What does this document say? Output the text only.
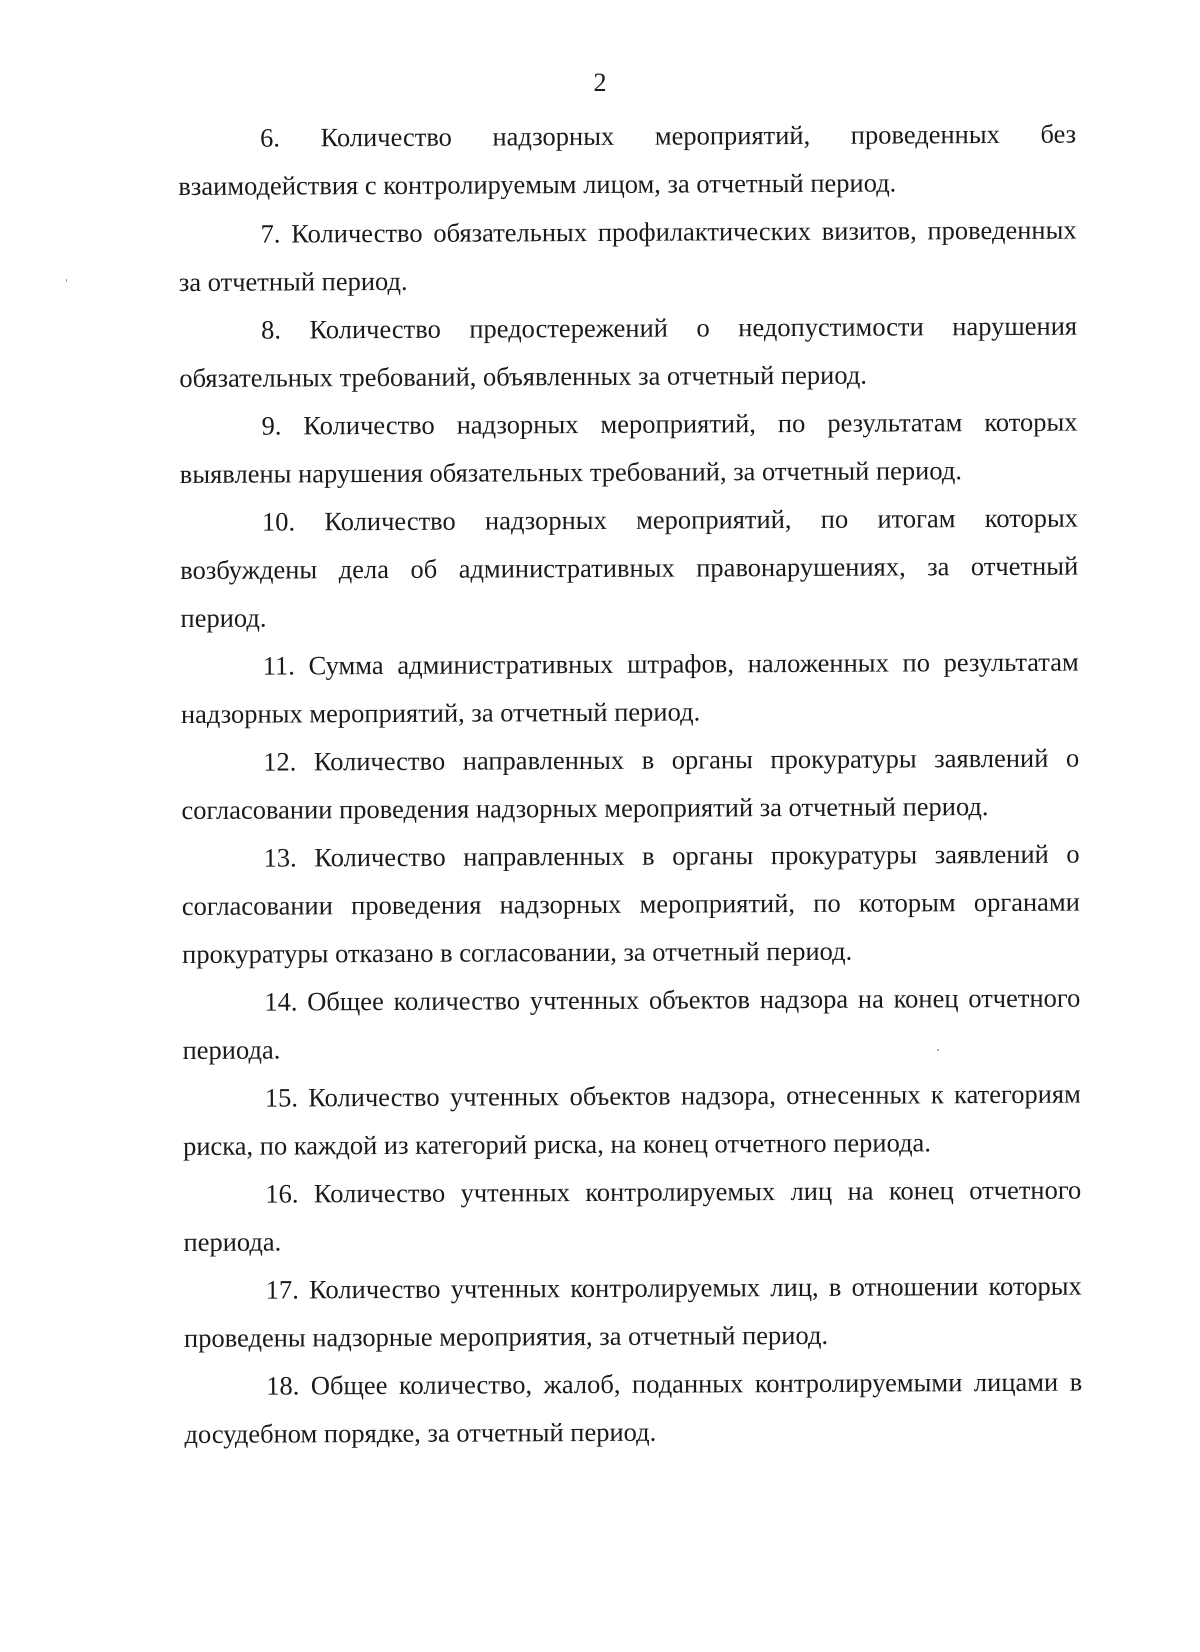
2

6. Количество надзорных мероприятий, проведенных без взаимодействия с контролируемым лицом, за отчетный период.

7. Количество обязательных профилактических визитов, проведенных за отчетный период.

8. Количество предостережений о недопустимости нарушения обязательных требований, объявленных за отчетный период.

9. Количество надзорных мероприятий, по результатам которых выявлены нарушения обязательных требований, за отчетный период.

10. Количество надзорных мероприятий, по итогам которых возбуждены дела об административных правонарушениях, за отчетный период.

11. Сумма административных штрафов, наложенных по результатам надзорных мероприятий, за отчетный период.

12. Количество направленных в органы прокуратуры заявлений о согласовании проведения надзорных мероприятий за отчетный период.

13. Количество направленных в органы прокуратуры заявлений о согласовании проведения надзорных мероприятий, по которым органами прокуратуры отказано в согласовании, за отчетный период.

14. Общее количество учтенных объектов надзора на конец отчетного периода.

15. Количество учтенных объектов надзора, отнесенных к категориям риска, по каждой из категорий риска, на конец отчетного периода.

16. Количество учтенных контролируемых лиц на конец отчетного периода.

17. Количество учтенных контролируемых лиц, в отношении которых проведены надзорные мероприятия, за отчетный период.

18. Общее количество, жалоб, поданных контролируемыми лицами в досудебном порядке, за отчетный период.
